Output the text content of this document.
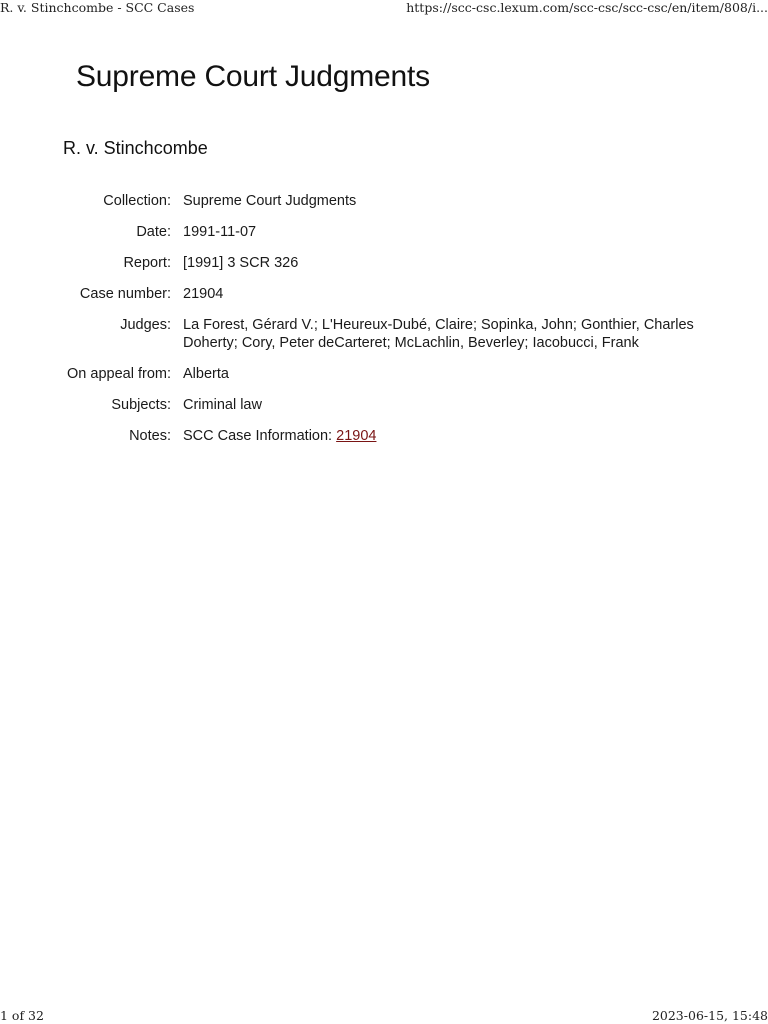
R. v. Stinchcombe - SCC Cases	https://scc-csc.lexum.com/scc-csc/scc-csc/en/item/808/i...
Supreme Court Judgments
R. v. Stinchcombe
Collection: Supreme Court Judgments
Date: 1991-11-07
Report: [1991] 3 SCR 326
Case number: 21904
Judges: La Forest, Gérard V.; L'Heureux-Dubé, Claire; Sopinka, John; Gonthier, Charles Doherty; Cory, Peter deCarteret; McLachlin, Beverley; Iacobucci, Frank
On appeal from: Alberta
Subjects: Criminal law
Notes: SCC Case Information: 21904
1 of 32	2023-06-15, 15:48
